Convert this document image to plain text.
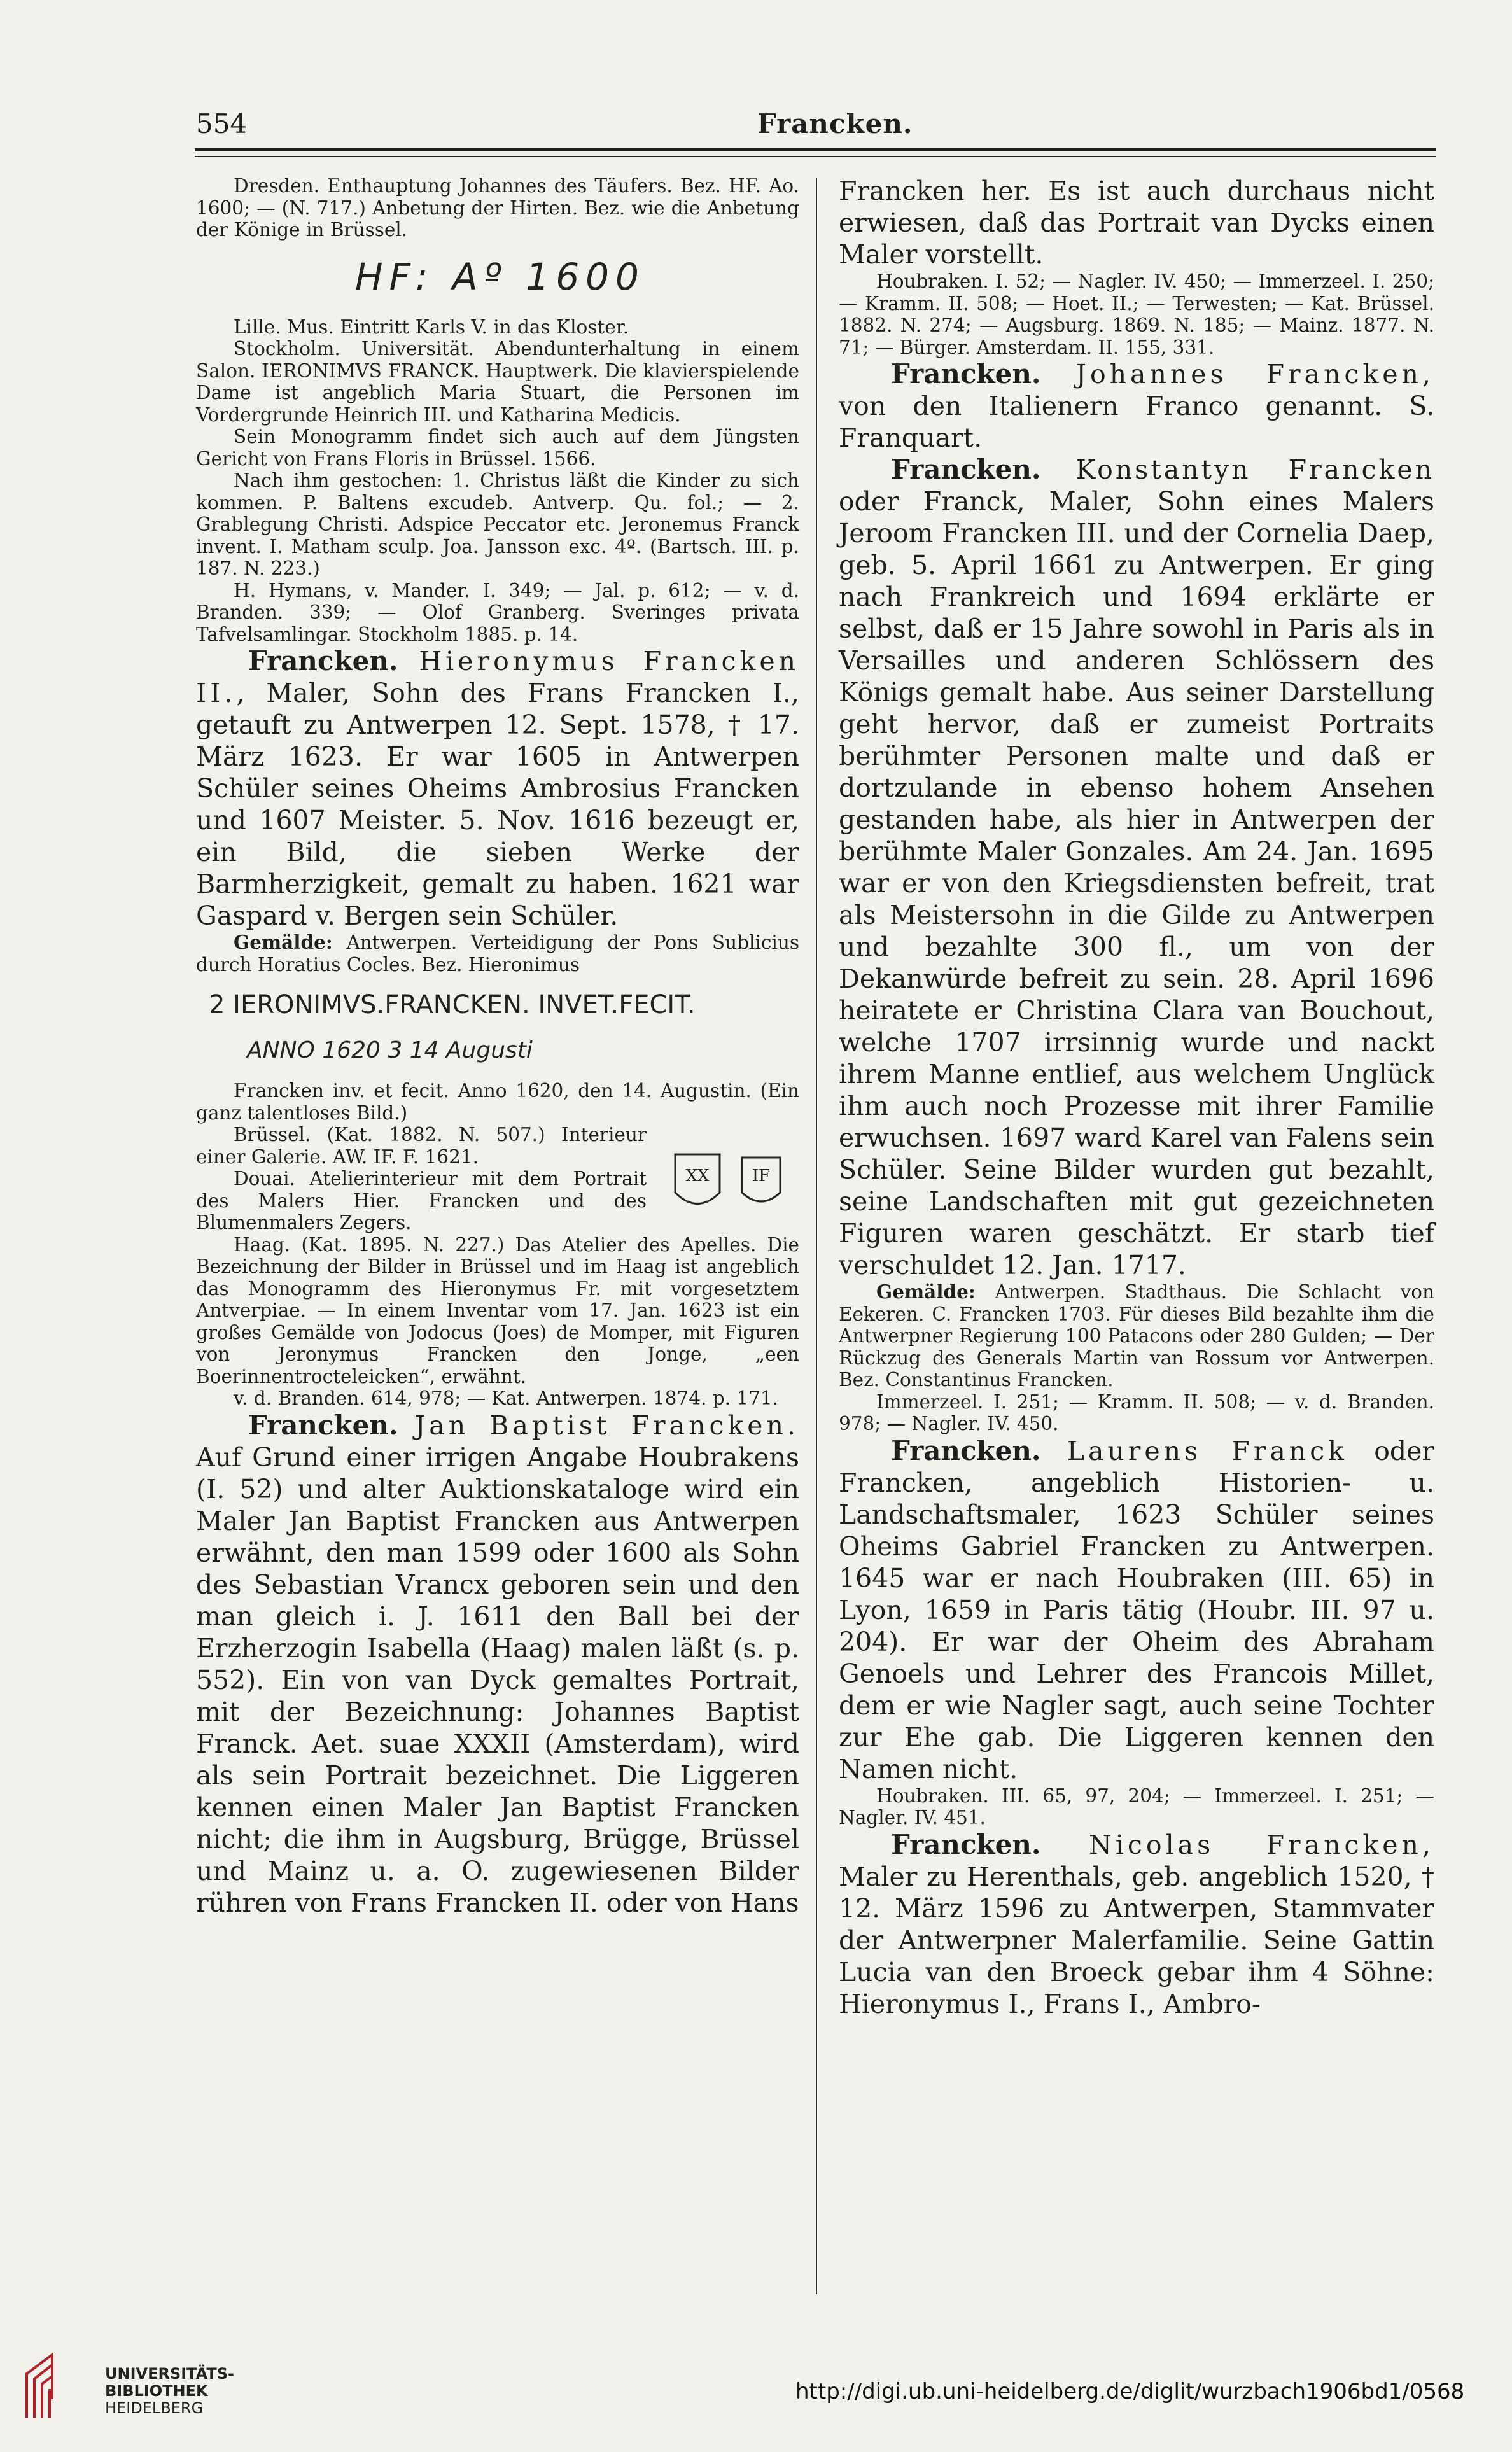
554	Francken.

Dresden. Enthauptung Johannes des Täufers. Bez. HF. Ao. 1600; — (N. 717.) Anbetung der Hirten. Bez. wie die Anbetung der Könige in Brüssel.

HF: Aº 1600

Lille. Mus. Eintritt Karls V. in das Kloster.

Stockholm. Universität. Abendunterhaltung in einem Salon. IERONIMVS FRANCK. Hauptwerk. Die klavierspielende Dame ist angeblich Maria Stuart, die Personen im Vordergrunde Heinrich III. und Katharina Medicis.

Sein Monogramm findet sich auch auf dem Jüngsten Gericht von Frans Floris in Brüssel. 1566.

Nach ihm gestochen: 1. Christus läßt die Kinder zu sich kommen. P. Baltens excudeb. Antverp. Qu. fol.; — 2. Grablegung Christi. Adspice Peccator etc. Jeronemus Franck invent. I. Matham sculp. Joa. Jansson exc. 4º. (Bartsch. III. p. 187. N. 223.)

H. Hymans, v. Mander. I. 349; — Jal. p. 612; — v. d. Branden. 339; — Olof Granberg. Sveringes privata Tafvelsamlingar. Stockholm 1885. p. 14.

Francken. Hieronymus Francken II., Maler, Sohn des Frans Francken I., getauft zu Antwerpen 12. Sept. 1578, † 17. März 1623. Er war 1605 in Antwerpen Schüler seines Oheims Ambrosius Francken und 1607 Meister. 5. Nov. 1616 bezeugt er, ein Bild, die sieben Werke der Barmherzigkeit, gemalt zu haben. 1621 war Gaspard v. Bergen sein Schüler.

Gemälde: Antwerpen. Verteidigung der Pons Sublicius durch Horatius Cocles. Bez. Hieronimus

2 IERONIMVS.FRANCKEN. INVET.FECIT.
ANNO 1620 3 14 Augusti

Francken inv. et fecit. Anno 1620, den 14. Augustin. (Ein ganz talentloses Bild.)

Brüssel. (Kat. 1882. N. 507.) Interieur einer Galerie. AW. IF. F. 1621.

Douai. Atelierinterieur mit dem Portrait des Malers Hier. Francken und des Blumenmalers Zegers.

XX	IF

Haag. (Kat. 1895. N. 227.) Das Atelier des Apelles. Die Bezeichnung der Bilder in Brüssel und im Haag ist angeblich das Monogramm des Hieronymus Fr. mit vorgesetztem Antverpiae. — In einem Inventar vom 17. Jan. 1623 ist ein großes Gemälde von Jodocus (Joes) de Momper, mit Figuren von Jeronymus Francken den Jonge, „een Boerinnentrocteleicken“, erwähnt.

v. d. Branden. 614, 978; — Kat. Antwerpen. 1874. p. 171.

Francken. Jan Baptist Francken. Auf Grund einer irrigen Angabe Houbrakens (I. 52) und alter Auktionskataloge wird ein Maler Jan Baptist Francken aus Antwerpen erwähnt, den man 1599 oder 1600 als Sohn des Sebastian Vrancx geboren sein und den man gleich i. J. 1611 den Ball bei der Erzherzogin Isabella (Haag) malen läßt (s. p. 552). Ein von van Dyck gemaltes Portrait, mit der Bezeichnung: Johannes Baptist Franck. Aet. suae XXXII (Amsterdam), wird als sein Portrait bezeichnet. Die Liggeren kennen einen Maler Jan Baptist Francken nicht; die ihm in Augsburg, Brügge, Brüssel und Mainz u. a. O. zugewiesenen Bilder rühren von Frans Francken II. oder von Hans

Francken her. Es ist auch durchaus nicht erwiesen, daß das Portrait van Dycks einen Maler vorstellt.

Houbraken. I. 52; — Nagler. IV. 450; — Immerzeel. I. 250; — Kramm. II. 508; — Hoet. II.; — Terwesten; — Kat. Brüssel. 1882. N. 274; — Augsburg. 1869. N. 185; — Mainz. 1877. N. 71; — Bürger. Amsterdam. II. 155, 331.

Francken. Johannes Francken, von den Italienern Franco genannt. S. Franquart.

Francken. Konstantyn Francken oder Franck, Maler, Sohn eines Malers Jeroom Francken III. und der Cornelia Daep, geb. 5. April 1661 zu Antwerpen. Er ging nach Frankreich und 1694 erklärte er selbst, daß er 15 Jahre sowohl in Paris als in Versailles und anderen Schlössern des Königs gemalt habe. Aus seiner Darstellung geht hervor, daß er zumeist Portraits berühmter Personen malte und daß er dortzulande in ebenso hohem Ansehen gestanden habe, als hier in Antwerpen der berühmte Maler Gonzales. Am 24. Jan. 1695 war er von den Kriegsdiensten befreit, trat als Meistersohn in die Gilde zu Antwerpen und bezahlte 300 fl., um von der Dekanwürde befreit zu sein. 28. April 1696 heiratete er Christina Clara van Bouchout, welche 1707 irrsinnig wurde und nackt ihrem Manne entlief, aus welchem Unglück ihm auch noch Prozesse mit ihrer Familie erwuchsen. 1697 ward Karel van Falens sein Schüler. Seine Bilder wurden gut bezahlt, seine Landschaften mit gut gezeichneten Figuren waren geschätzt. Er starb tief verschuldet 12. Jan. 1717.

Gemälde: Antwerpen. Stadthaus. Die Schlacht von Eekeren. C. Francken 1703. Für dieses Bild bezahlte ihm die Antwerpner Regierung 100 Patacons oder 280 Gulden; — Der Rückzug des Generals Martin van Rossum vor Antwerpen. Bez. Constantinus Francken.

Immerzeel. I. 251; — Kramm. II. 508; — v. d. Branden. 978; — Nagler. IV. 450.

Francken. Laurens Franck oder Francken, angeblich Historien- u. Landschaftsmaler, 1623 Schüler seines Oheims Gabriel Francken zu Antwerpen. 1645 war er nach Houbraken (III. 65) in Lyon, 1659 in Paris tätig (Houbr. III. 97 u. 204). Er war der Oheim des Abraham Genoels und Lehrer des Francois Millet, dem er wie Nagler sagt, auch seine Tochter zur Ehe gab. Die Liggeren kennen den Namen nicht.

Houbraken. III. 65, 97, 204; — Immerzeel. I. 251; — Nagler. IV. 451.

Francken. Nicolas Francken, Maler zu Herenthals, geb. angeblich 1520, † 12. März 1596 zu Antwerpen, Stammvater der Antwerpner Malerfamilie. Seine Gattin Lucia van den Broeck gebar ihm 4 Söhne: Hieronymus I., Frans I., Ambro-

UNIVERSITÄTS-
BIBLIOTHEK
HEIDELBERG
http://digi.ub.uni-heidelberg.de/diglit/wurzbach1906bd1/0568
